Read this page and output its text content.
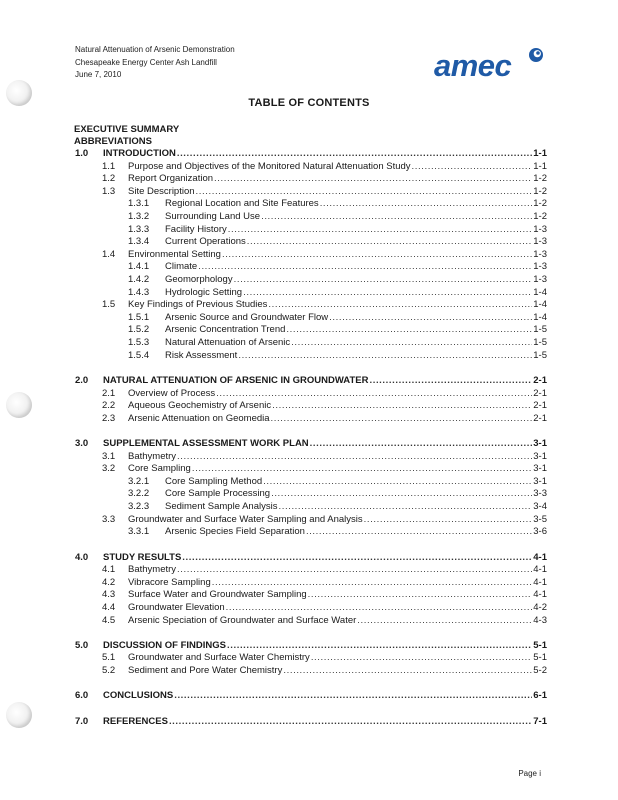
Natural Attenuation of Arsenic Demonstration
Chesapeake Energy Center Ash Landfill
June 7, 2010	amec
TABLE OF CONTENTS
EXECUTIVE SUMMARY
ABBREVIATIONS
1.0 INTRODUCTION .....	1-1
1.1 Purpose and Objectives of the Monitored Natural Attenuation Study .....	1-1
1.2 Report Organization .....	1-2
1.3 Site Description .....	1-2
1.3.1 Regional Location and Site Features .....	1-2
1.3.2 Surrounding Land Use .....	1-2
1.3.3 Facility History .....	1-3
1.3.4 Current Operations .....	1-3
1.4 Environmental Setting .....	1-3
1.4.1 Climate .....	1-3
1.4.2 Geomorphology .....	1-3
1.4.3 Hydrologic Setting .....	1-4
1.5 Key Findings of Previous Studies .....	1-4
1.5.1 Arsenic Source and Groundwater Flow .....	1-4
1.5.2 Arsenic Concentration Trend .....	1-5
1.5.3 Natural Attenuation of Arsenic .....	1-5
1.5.4 Risk Assessment .....	1-5
2.0 NATURAL ATTENUATION OF ARSENIC IN GROUNDWATER .....	2-1
2.1 Overview of Process .....	2-1
2.2 Aqueous Geochemistry of Arsenic .....	2-1
2.3 Arsenic Attenuation on Geomedia .....	2-1
3.0 SUPPLEMENTAL ASSESSMENT WORK PLAN .....	3-1
3.1 Bathymetry .....	3-1
3.2 Core Sampling .....	3-1
3.2.1 Core Sampling Method .....	3-1
3.2.2 Core Sample Processing .....	3-3
3.2.3 Sediment Sample Analysis .....	3-4
3.3 Groundwater and Surface Water Sampling and Analysis .....	3-5
3.3.1 Arsenic Species Field Separation .....	3-6
4.0 STUDY RESULTS .....	4-1
4.1 Bathymetry .....	4-1
4.2 Vibracore Sampling .....	4-1
4.3 Surface Water and Groundwater Sampling .....	4-1
4.4 Groundwater Elevation .....	4-2
4.5 Arsenic Speciation of Groundwater and Surface Water .....	4-3
5.0 DISCUSSION OF FINDINGS .....	5-1
5.1 Groundwater and Surface Water Chemistry .....	5-1
5.2 Sediment and Pore Water Chemistry .....	5-2
6.0 CONCLUSIONS .....	6-1
7.0 REFERENCES .....	7-1
Page i
